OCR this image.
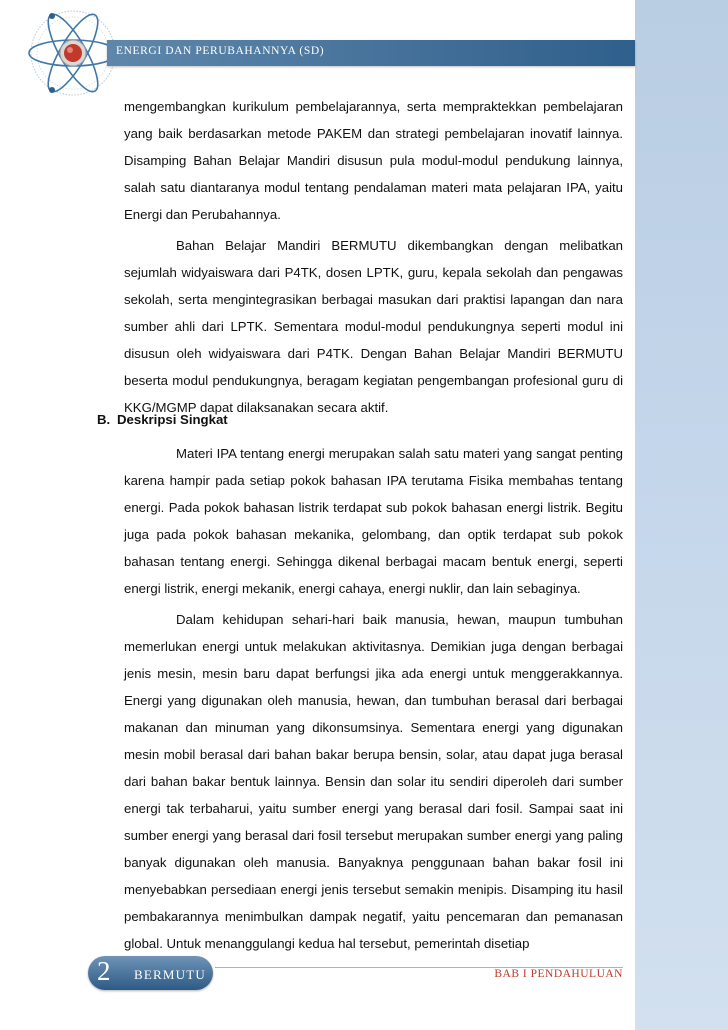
ENERGI DAN PERUBAHANNYA (SD)

mengembangkan kurikulum pembelajarannya, serta mempraktekkan pembelajaran yang baik berdasarkan metode PAKEM dan strategi pembelajaran inovatif lainnya. Disamping Bahan Belajar Mandiri disusun pula modul-modul pendukung lainnya, salah satu diantaranya modul tentang pendalaman materi mata pelajaran IPA, yaitu Energi dan Perubahannya.

Bahan Belajar Mandiri BERMUTU dikembangkan dengan melibatkan sejumlah widyaiswara dari P4TK, dosen LPTK, guru, kepala sekolah dan pengawas sekolah, serta mengintegrasikan berbagai masukan dari praktisi lapangan dan nara sumber ahli dari LPTK. Sementara modul-modul pendukungnya seperti modul ini disusun oleh widyaiswara dari P4TK. Dengan Bahan Belajar Mandiri BERMUTU beserta modul pendukungnya, beragam kegiatan pengembangan profesional guru di KKG/MGMP dapat dilaksanakan secara aktif.

B. Deskripsi Singkat

Materi IPA tentang energi merupakan salah satu materi yang sangat penting karena hampir pada setiap pokok bahasan IPA terutama Fisika membahas tentang energi. Pada pokok bahasan listrik terdapat sub pokok bahasan energi listrik. Begitu juga pada pokok bahasan mekanika, gelombang, dan optik terdapat sub pokok bahasan tentang energi. Sehingga dikenal berbagai macam bentuk energi, seperti energi listrik, energi mekanik, energi cahaya, energi nuklir, dan lain sebaginya.

Dalam kehidupan sehari-hari baik manusia, hewan, maupun tumbuhan memerlukan energi untuk melakukan aktivitasnya. Demikian juga dengan berbagai jenis mesin, mesin baru dapat berfungsi jika ada energi untuk menggerakkannya. Energi yang digunakan oleh manusia, hewan, dan tumbuhan berasal dari berbagai makanan dan minuman yang dikonsumsinya. Sementara energi yang digunakan mesin mobil berasal dari bahan bakar berupa bensin, solar, atau dapat juga berasal dari bahan bakar bentuk lainnya. Bensin dan solar itu sendiri diperoleh dari sumber energi tak terbaharui, yaitu sumber energi yang berasal dari fosil. Sampai saat ini sumber energi yang berasal dari fosil tersebut merupakan sumber energi yang paling banyak digunakan oleh manusia. Banyaknya penggunaan bahan bakar fosil ini menyebabkan persediaan energi jenis tersebut semakin menipis. Disamping itu hasil pembakarannya menimbulkan dampak negatif, yaitu pencemaran dan pemanasan global. Untuk menanggulangi kedua hal tersebut, pemerintah disetiap

2 BERMUTU	BAB I PENDAHULUAN
